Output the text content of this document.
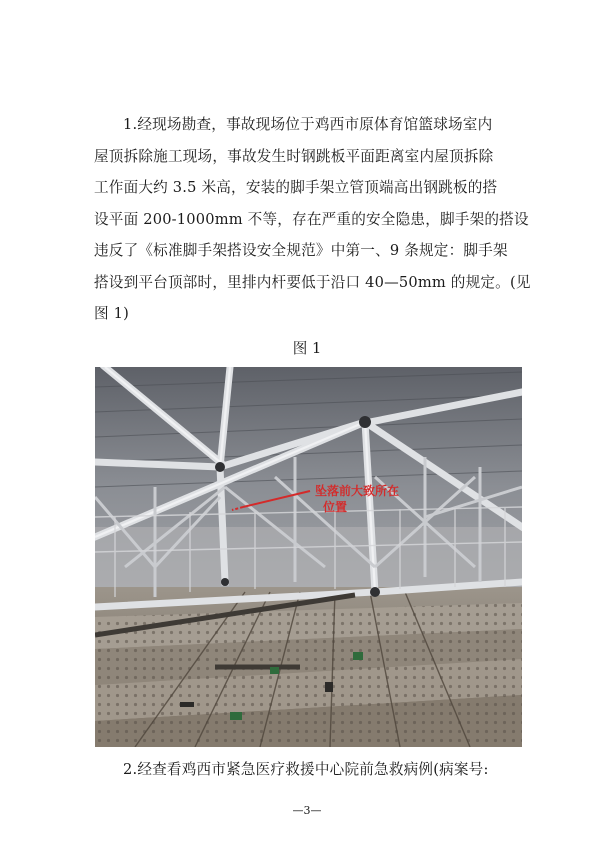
1.经现场勘查，事故现场位于鸡西市原体育馆篮球场室内
屋顶拆除施工现场，事故发生时钢跳板平面距离室内屋顶拆除
工作面大约 3.5 米高，安装的脚手架立管顶端高出钢跳板的搭
设平面 200-1000mm 不等，存在严重的安全隐患，脚手架的搭设
违反了《标准脚手架搭设安全规范》中第一、9 条规定：脚手架
搭设到平台顶部时，里排内杆要低于沿口 40—50mm 的规定。(见
图 1)

图 1
坠落前大致所在
位置

2.经查看鸡西市紧急医疗救援中心院前急救病例(病案号:

—3—
